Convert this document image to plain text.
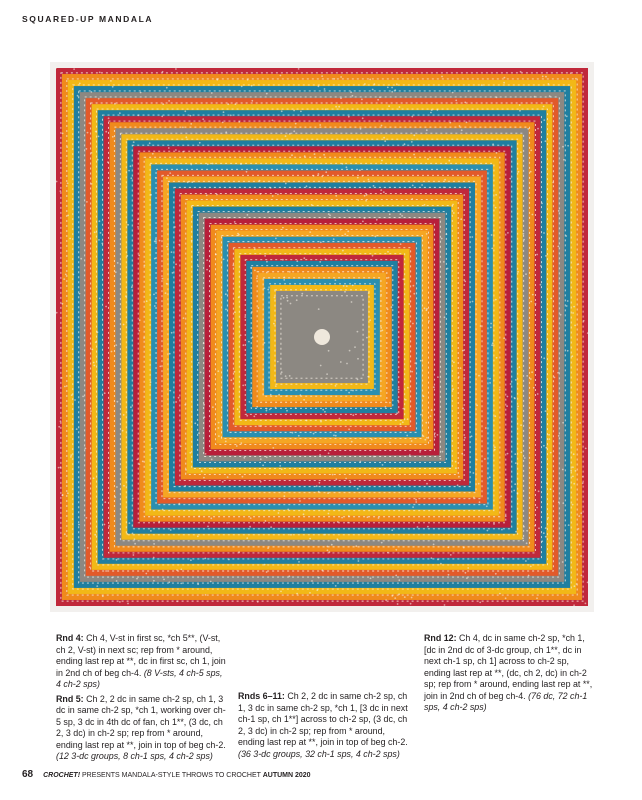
SQUARED-UP MANDALA

Rnd 4: Ch 4, V-st in first sc, *ch 5**, (V-st, ch 2, V-st) in next sc; rep from * around, ending last rep at **, dc in first sc, ch 1, join in 2nd ch of beg ch-4. (8 V-sts, 4 ch-5 sps, 4 ch-2 sps)

Rnd 5: Ch 2, 2 dc in same ch-2 sp, ch 1, 3 dc in same ch-2 sp, *ch 1, working over ch-5 sp, 3 dc in 4th dc of fan, ch 1**, (3 dc, ch 2, 3 dc) in ch-2 sp; rep from * around, ending last rep at **, join in top of beg ch-2. (12 3-dc groups, 8 ch-1 sps, 4 ch-2 sps)

Rnds 6–11: Ch 2, 2 dc in same ch-2 sp, ch 1, 3 dc in same ch-2 sp, *ch 1, [3 dc in next ch-1 sp, ch 1**] across to ch-2 sp, (3 dc, ch 2, 3 dc) in ch-2 sp; rep from * around, ending last rep at **, join in top of beg ch-2. (36 3-dc groups, 32 ch-1 sps, 4 ch-2 sps)

Rnd 12: Ch 4, dc in same ch-2 sp, *ch 1, [dc in 2nd dc of 3-dc group, ch 1**, dc in next ch-1 sp, ch 1] across to ch-2 sp, ending last rep at **, (dc, ch 2, dc) in ch-2 sp; rep from * around, ending last rep at **, join in 2nd ch of beg ch-4. (76 dc, 72 ch-1 sps, 4 ch-2 sps)

68 CROCHET! PRESENTS MANDALA-STYLE THROWS TO CROCHET AUTUMN 2020
